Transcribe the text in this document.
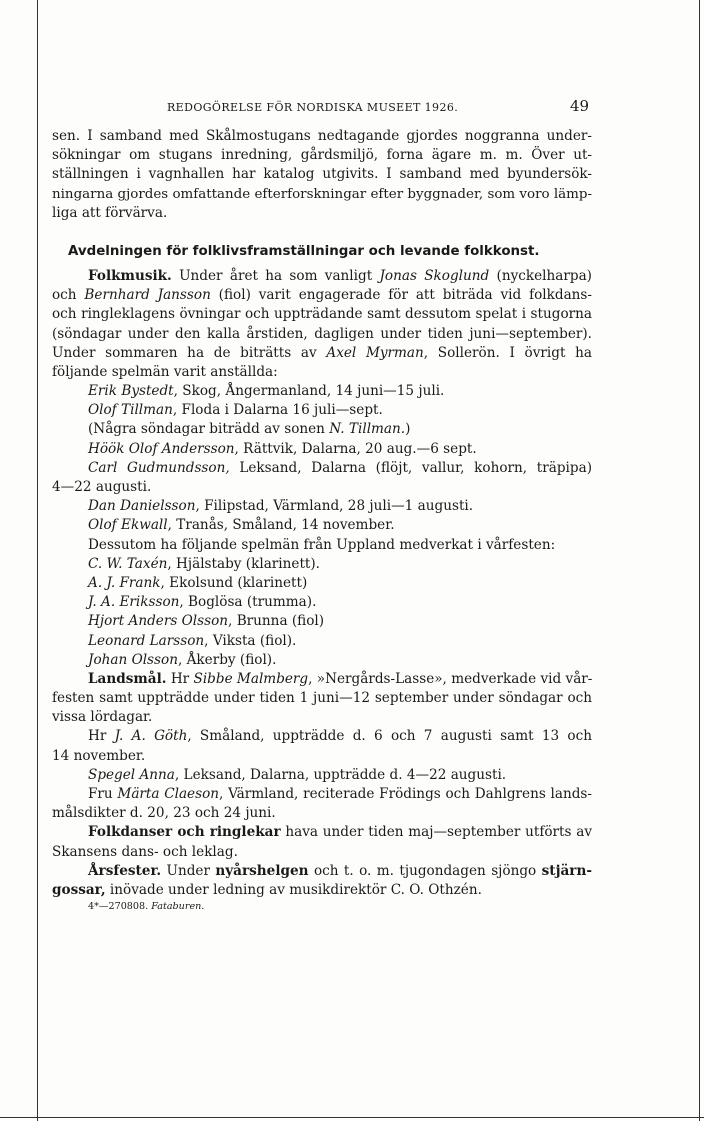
REDOGÖRELSE FÖR NORDISKA MUSEET 1926.	49
sen. I samband med Skålmostugans nedtagande gjordes noggranna under-
sökningar om stugans inredning, gårdsmiljö, forna ägare m. m. Över ut-
ställningen i vagnhallen har katalog utgivits. I samband med byundersök-
ningarna gjordes omfattande efterforskningar efter byggnader, som voro lämp-
liga att förvärva.
Avdelningen för folklivsframställningar och levande folkkonst.
Folkmusik. Under året ha som vanligt Jonas Skoglund (nyckelharpa)
och Bernhard Jansson (fiol) varit engagerade för att biträda vid folkdans-
och ringleklagens övningar och uppträdande samt dessutom spelat i stugorna
(söndagar under den kalla årstiden, dagligen under tiden juni—september).
Under sommaren ha de biträtts av Axel Myrman, Sollerön. I övrigt ha
följande spelmän varit anställda:
Erik Bystedt, Skog, Ångermanland, 14 juni—15 juli.
Olof Tillman, Floda i Dalarna 16 juli—sept.
(Några söndagar biträdd av sonen N. Tillman.)
Höök Olof Andersson, Rättvik, Dalarna, 20 aug.—6 sept.
Carl Gudmundsson, Leksand, Dalarna (flöjt, vallur, kohorn, träpipa)
4—22 augusti.
Dan Danielsson, Filipstad, Värmland, 28 juli—1 augusti.
Olof Ekwall, Tranås, Småland, 14 november.
Dessutom ha följande spelmän från Uppland medverkat i vårfesten:
C. W. Taxén, Hjälstaby (klarinett).
A. J. Frank, Ekolsund (klarinett)
J. A. Eriksson, Boglösa (trumma).
Hjort Anders Olsson, Brunna (fiol)
Leonard Larsson, Viksta (fiol).
Johan Olsson, Åkerby (fiol).
Landsmål. Hr Sibbe Malmberg, »Nergårds-Lasse», medverkade vid vår-
festen samt uppträdde under tiden 1 juni—12 september under söndagar och
vissa lördagar.
Hr J. A. Göth, Småland, uppträdde d. 6 och 7 augusti samt 13 och
14 november.
Spegel Anna, Leksand, Dalarna, uppträdde d. 4—22 augusti.
Fru Märta Claeson, Värmland, reciterade Frödings och Dahlgrens lands-
målsdikter d. 20, 23 och 24 juni.
Folkdanser och ringlekar hava under tiden maj—september utförts av
Skansens dans- och leklag.
Årsfester. Under nyårshelgen och t. o. m. tjugondagen sjöngo stjärn-
gossar, inövade under ledning av musikdirektör C. O. Othzén.
4*—270808. Fataburen.
